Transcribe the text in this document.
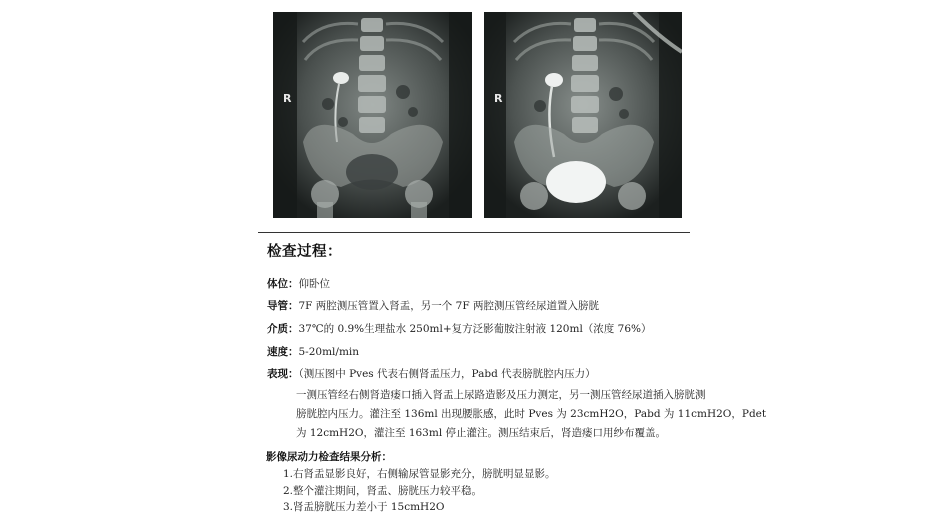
R	R
检查过程：
体位：仰卧位
导管：7F 两腔测压管置入肾盂，另一个 7F 两腔测压管经尿道置入膀胱
介质：37℃的 0.9%生理盐水 250ml+复方泛影葡胺注射液 120ml（浓度 76%）
速度：5-20ml/min
表现：（测压图中 Pves 代表右侧肾盂压力，Pabd 代表膀胱腔内压力）
一测压管经右侧肾造瘘口插入肾盂上尿路造影及压力测定，另一测压管经尿道插入膀胱测
膀胱腔内压力。灌注至 136ml 出现腰胀感，此时 Pves 为 23cmH2O，Pabd 为 11cmH2O，Pdet
为 12cmH2O，灌注至 163ml 停止灌注。测压结束后，肾造瘘口用纱布覆盖。
影像尿动力检查结果分析：
1.右肾盂显影良好，右侧输尿管显影充分，膀胱明显显影。
2.整个灌注期间，肾盂、膀胱压力较平稳。
3.肾盂膀胱压力差小于 15cmH2O
